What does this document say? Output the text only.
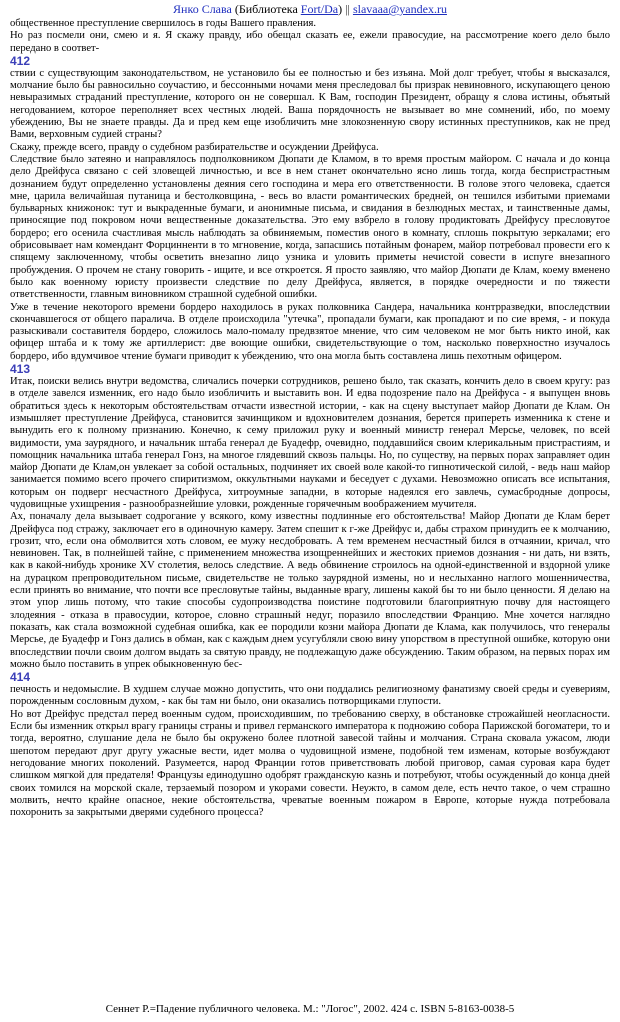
Янко Слава (Библиотека Fort/Da) || slavaaa@yandex.ru

общественное преступление свершилось в годы Вашего правления.

Но раз посмели они, смею и я. Я скажу правду, ибо обещал сказать ее, ежели правосудие, на рассмотрение коего дело было передано в соответ-

412

ствии с существующим законодательством, не установило бы ее полностью и без изъяна. Мой долг требует, чтобы я высказался, молчание было бы равносильно соучастию, и бессонными ночами меня преследовал бы призрак невиновного, искупающего ценою невыразимых страданий преступление, которого он не совершал. К Вам, господин Президент, обращу я слова истины, объятый негодованием, которое переполняет всех честных людей. Ваша порядочность не вызывает во мне сомнений, ибо, по моему убеждению, Вы не знаете правды. Да и пред кем еще изобличить мне злокозненную свору истинных преступников, как не пред Вами, верховным судией страны?

Скажу, прежде всего, правду о судебном разбирательстве и осуждении Дрейфуса.

Следствие было затеяно и направлялось подполковником Дюпати де Кламом, в то время простым майором. С начала и до конца дело Дрейфуса связано с сей зловещей личностью, и все в нем станет окончательно ясно лишь тогда, когда беспристрастным дознанием будут определенно установлены деяния сего господина и мера его ответственности. В голове этого человека, сдается мне, царила величайшая путаница и бестолковщина, - весь во власти романтических бредней, он тешился избитыми приемами бульварных книжонок: тут и выкраденные бумаги, и анонимные письма, и свидания в безлюдных местах, и таинственные дамы, приносящие под покровом ночи вещественные доказательства. Это ему взбрело в голову продиктовать Дрейфусу пресловутое бордеро; его осенила счастливая мысль наблюдать за обвиняемым, поместив оного в комнату, сплошь покрытую зеркалами; его обрисовывает нам комендант Форцинненти в то мгновение, когда, запасшись потайным фонарем, майор потребовал провести его к спящему заключенному, чтобы осветить внезапно лицо узника и уловить приметы нечистой совести в испуге внезапного пробуждения. О прочем не стану говорить - ищите, и все откроется. Я просто заявляю, что майор Дюпати де Клам, коему вменено было как военному юристу произвести следствие по делу Дрейфуса, является, в порядке очередности и по тяжести ответственности, главным виновником страшной судебной ошибки.

Уже в течение некоторого времени бордеро находилось в руках полковника Сандера, начальника контрразведки, впоследствии скончавшегося от общего паралича. В отделе происходила "утечка", пропадали бумаги, как пропадают и по сие время, - и покуда разыскивали составителя бордеро, сложилось мало-помалу предвзятое мнение, что сим человеком не мог быть никто иной, как офицер штаба и к тому же артиллерист: две воющие ошибки, свидетельствующие о том, насколько поверхностно изучалось бордеро, ибо вдумчивое чтение бумаги приводит к убеждению, что она могла быть составлена лишь пехотным офицером.

413

Итак, поиски велись внутри ведомства, сличались почерки сотрудников, решено было, так сказать, кончить дело в своем кругу: раз в отделе завелся изменник, его надо было изобличить и выставить вон. И едва подозрение пало на Дрейфуса - я выпущен вновь обратиться здесь к некоторым обстоятельствам отчасти известной истории, - как на сцену выступает майор Дюпати де Клам. Он измышляет преступление Дрейфуса, становится зачинщиком и вдохновителем дознания, берется припереть изменника к стене и вынудить его к полному признанию. Конечно, к сему приложил руку и военный министр генерал Мерсье, человек, по всей видимости, ума заурядного, и начальник штаба генерал де Буадефр, очевидно, поддавшийся своим клерикальным пристрастиям, и помощник начальника штаба генерал Гонз, на многое глядевший сквозь пальцы. Но, по существу, на первых порах заправляет один майор Дюпати де Клам,он увлекает за собой остальных, подчиняет их своей воле какой-то гипнотической силой, - ведь наш майор занимается помимо всего прочего спиритизмом, оккультными науками и беседует с духами. Невозможно описать все испытания, которым он подверг несчастного Дрейфуса, хитроумные западни, в которые надеялся его завлечь, сумасбродные допросы, чудовищные ухищрения - разнообразнейшие уловки, рожденные горячечным воображением мучителя.

Ах, поначалу дела вызывает содрогание у всякого, кому известны подлинные его обстоятельства! Майор Дюпати де Клам берет Дрейфуса под стражу, заключает его в одиночную камеру. Затем спешит к г-же Дрейфус и, дабы страхом принудить ее к молчанию, грозит, что, если она обмолвится хоть словом, ее мужу несдобровать. А тем временем несчастный бился в отчаянии, кричал, что невиновен. Так, в полнейшей тайне, с применением множества изощреннейших и жестоких приемов дознания - ни дать, ни взять, как в какой-нибудь хронике XV столетия, велось следствие. А ведь обвинение строилось на одной-единственной и вздорной улике на дурацком препроводительном письме, свидетельстве не только заурядной измены, но и неслыханно наглого мошенничества, если принять во внимание, что почти все пресловутые тайны, выданные врагу, лишены какой бы то ни было ценности. Я делаю на этом упор лишь потому, что такие способы судопроизводства поистине подготовили благоприятную почву для настоящего злодеяния - отказа в правосудии, которое, словно страшный недуг, поразило впоследствии Францию. Мне хочется наглядно показать, как стала возможной судебная ошибка, как ее породили козни майора Дюпати де Клама, как получилось, что генералы Мерсье, де Буадефр и Гонз дались в обман, как с каждым днем усугубляли свою вину упорством в преступной ошибке, которую они впоследствии почли своим долгом выдать за святую правду, не подлежащую даже обсуждению. Таким образом, на первых порах им можно было поставить в упрек обыкновенную бес-

414

печность и недомыслие. В худшем случае можно допустить, что они поддались религиозному фанатизму своей среды и суевериям, порожденным сословным духом, - как бы там ни было, они оказались потворщиками глупости.

Но вот Дрейфус предстал перед военным судом, происходившим, по требованию сверху, в обстановке строжайшей неогласности. Если бы изменник открыл врагу границы страны и привел германского императора к подножию собора Парижской богоматери, то и тогда, вероятно, слушание дела не было бы окружено более плотной завесой тайны и молчания. Страна сковала ужасом, люди шепотом передают друг другу ужасные вести, идет молва о чудовищной измене, подобной тем изменам, которые возбуждают негодование многих поколений. Разумеется, народ Франции готов приветствовать любой приговор, самая суровая кара будет слишком мягкой для предателя! Французы единодушно одобрят гражданскую казнь и потребуют, чтобы осужденный до конца дней своих томился на морской скале, терзаемый позором и укорами совести. Неужто, в самом деле, есть нечто такое, о чем страшно молвить, нечто крайне опасное, некие обстоятельства, чреватые военным пожаром в Европе, которые нужда потребовала похоронить за закрытыми дверями судебного процесса?

Сеннет Р.=Падение публичного человека. М.: "Логос", 2002. 424 с. ISBN 5-8163-0038-5
